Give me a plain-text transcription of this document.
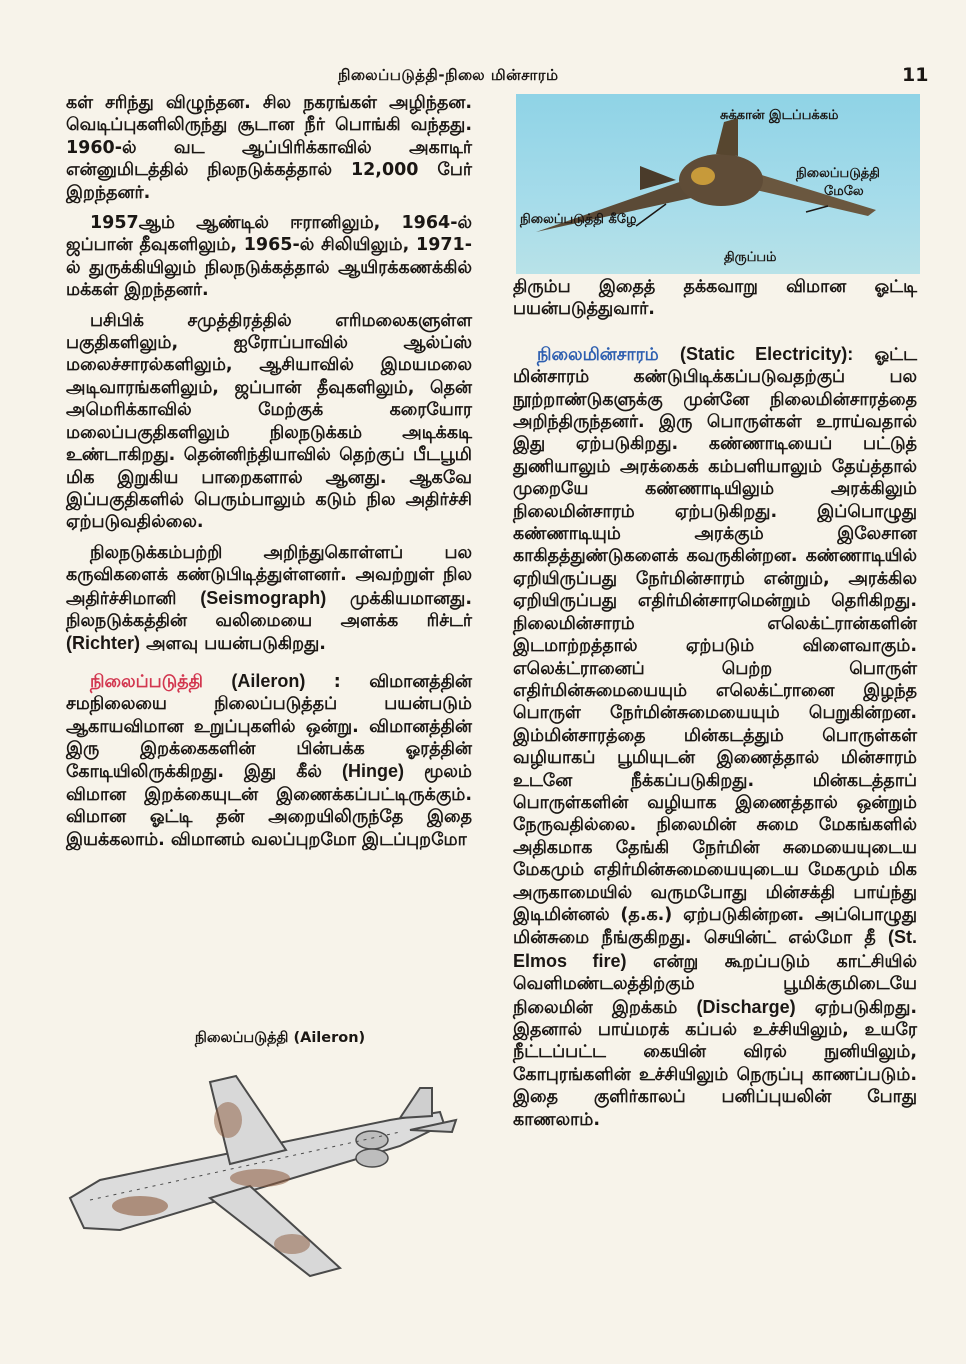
நிலைப்படுத்தி-நிலை மின்சாரம்	11

கள் சரிந்து விழுந்தன. சில நகரங்கள் அழிந்தன. வெடிப்புகளிலிருந்து சூடான நீர் பொங்கி வந்தது. 1960-ல் வட ஆப்பிரிக்காவில் அகாடிர் என்னுமிடத்தில் நிலநடுக்கத்தால் 12,000 பேர் இறந்தனர்.

1957ஆம் ஆண்டில் ஈரானிலும், 1964-ல் ஜப்பான் தீவுகளிலும், 1965-ல் சிலியிலும், 1971-ல் துருக்கியிலும் நிலநடுக்கத்தால் ஆயிரக்கணக்கில் மக்கள் இறந்தனர்.

பசிபிக் சமுத்திரத்தில் எரிமலைகளுள்ள பகுதிகளிலும், ஐரோப்பாவில் ஆல்ப்ஸ் மலைச்சாரல்களிலும், ஆசியாவில் இமயமலை அடிவாரங்களிலும், ஜப்பான் தீவுகளிலும், தென் அமெரிக்காவில் மேற்குக் கரையோர மலைப்பகுதிகளிலும் நிலநடுக்கம் அடிக்கடி உண்டாகிறது. தென்னிந்தியாவில் தெற்குப் பீடபூமி மிக இறுகிய பாறைகளால் ஆனது. ஆகவே இப்பகுதிகளில் பெரும்பாலும் கடும் நில அதிர்ச்சி ஏற்படுவதில்லை.

நிலநடுக்கம்பற்றி அறிந்துகொள்ளப் பல கருவிகளைக் கண்டுபிடித்துள்ளனர். அவற்றுள் நில அதிர்ச்சிமானி (Seismograph) முக்கியமானது. நிலநடுக்கத்தின் வலிமையை அளக்க ரிச்டர் (Richter) அளவு பயன்படுகிறது.

நிலைப்படுத்தி (Aileron) : விமானத்தின் சமநிலையை நிலைப்படுத்தப் பயன்படும் ஆகாயவிமான உறுப்புகளில் ஒன்று. விமானத்தின் இரு இறக்கைகளின் பின்பக்க ஓரத்தின் கோடியிலிருக்கிறது. இது கீல் (Hinge) மூலம் விமான இறக்கையுடன் இணைக்கப்பட்டிருக்கும். விமான ஓட்டி தன் அறையிலிருந்தே இதை இயக்கலாம். விமானம் வலப்புறமோ இடப்புறமோ

நிலைப்படுத்தி (Aileron)
சுக்கான் இடப்பக்கம்
நிலைப்படுத்தி
மேலே
நிலைப்படுத்தி கீழே
திருப்பம்

திரும்ப இதைத் தக்கவாறு விமான ஓட்டி பயன்படுத்துவார்.

நிலைமின்சாரம் (Static Electricity): ஓட்ட மின்சாரம் கண்டுபிடிக்கப்படுவதற்குப் பல நூற்றாண்டுகளுக்கு முன்னே நிலைமின்சாரத்தை அறிந்திருந்தனர். இரு பொருள்கள் உராய்வதால் இது ஏற்படுகிறது. கண்ணாடியைப் பட்டுத் துணியாலும் அரக்கைக் கம்பளியாலும் தேய்த்தால் முறையே கண்ணாடியிலும் அரக்கிலும் நிலைமின்சாரம் ஏற்படுகிறது. இப்பொழுது கண்ணாடியும் அரக்கும் இலேசான காகிதத்துண்டுகளைக் கவருகின்றன. கண்ணாடியில் ஏறியிருப்பது நேர்மின்சாரம் என்றும், அரக்கில ஏறியிருப்பது எதிர்மின்சாரமென்றும் தெரிகிறது. நிலைமின்சாரம் எலெக்ட்ரான்களின் இடமாற்றத்தால் ஏற்படும் விளைவாகும். எலெக்ட்ரானைப் பெற்ற பொருள் எதிர்மின்சுமையையும் எலெக்ட்ரானை இழந்த பொருள் நேர்மின்சுமையையும் பெறுகின்றன. இம்மின்சாரத்தை மின்கடத்தும் பொருள்கள் வழியாகப் பூமியுடன் இணைத்தால் மின்சாரம் உடனே நீக்கப்படுகிறது. மின்கடத்தாப் பொருள்களின் வழியாக இணைத்தால் ஒன்றும் நேருவதில்லை. நிலைமின் சுமை மேகங்களில் அதிகமாக தேங்கி நேர்மின் சுமையையுடைய மேகமும் எதிர்மின்சுமையையுடைய மேகமும் மிக அருகாமையில் வருமபோது மின்சக்தி பாய்ந்து இடிமின்னல் (த.க.) ஏற்படுகின்றன. அப்பொழுது மின்சுமை நீங்குகிறது. செயின்ட் எல்மோ தீ (St. Elmos fire) என்று கூறப்படும் காட்சியில் வெளிமண்டலத்திற்கும் பூமிக்குமிடையே நிலைமின் இறக்கம் (Discharge) ஏற்படுகிறது. இதனால் பாய்மரக் கப்பல் உச்சியிலும், உயரே நீட்டப்பட்ட கையின் விரல் நுனியிலும், கோபுரங்களின் உச்சியிலும் நெருப்பு காணப்படும். இதை குளிர்காலப் பனிப்புயலின் போது காணலாம்.
